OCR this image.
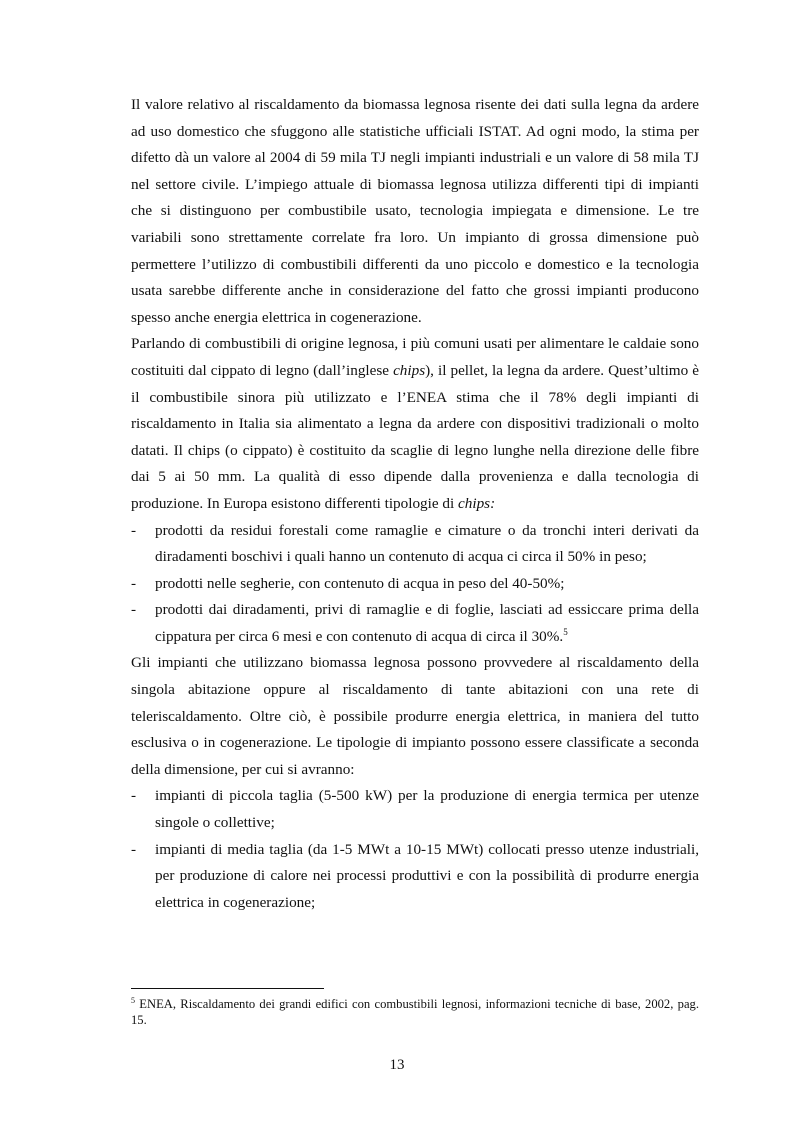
Il valore relativo al riscaldamento da biomassa legnosa risente dei dati sulla legna da ardere ad uso domestico che sfuggono alle statistiche ufficiali ISTAT. Ad ogni modo, la stima per difetto dà un valore al 2004 di 59 mila TJ negli impianti industriali e un valore di 58 mila TJ nel settore civile. L’impiego attuale di biomassa legnosa utilizza differenti tipi di impianti che si distinguono per combustibile usato, tecnologia impiegata e dimensione. Le tre variabili sono strettamente correlate fra loro. Un impianto di grossa dimensione può permettere l’utilizzo di combustibili differenti da uno piccolo e domestico e la tecnologia usata sarebbe differente anche in considerazione del fatto che grossi impianti producono spesso anche energia elettrica in cogenerazione.

Parlando di combustibili di origine legnosa, i più comuni usati per alimentare le caldaie sono costituiti dal cippato di legno (dall’inglese chips), il pellet, la legna da ardere. Quest’ultimo è il combustibile sinora più utilizzato e l’ENEA stima che il 78% degli impianti di riscaldamento in Italia sia alimentato a legna da ardere con dispositivi tradizionali o molto datati. Il chips (o cippato) è costituito da scaglie di legno lunghe nella direzione delle fibre dai 5 ai 50 mm. La qualità di esso dipende dalla provenienza e dalla tecnologia di produzione. In Europa esistono differenti tipologie di chips:

- prodotti da residui forestali come ramaglie e cimature o da tronchi interi derivati da diradamenti boschivi i quali hanno un contenuto di acqua ci circa il 50% in peso;
- prodotti nelle segherie, con contenuto di acqua in peso del 40-50%;
- prodotti dai diradamenti, privi di ramaglie e di foglie, lasciati ad essiccare prima della cippatura per circa 6 mesi e con contenuto di acqua di circa il 30%.$^5$

Gli impianti che utilizzano biomassa legnosa possono provvedere al riscaldamento della singola abitazione oppure al riscaldamento di tante abitazioni con una rete di teleriscaldamento. Oltre ciò, è possibile produrre energia elettrica, in maniera del tutto esclusiva o in cogenerazione. Le tipologie di impianto possono essere classificate a seconda della dimensione, per cui si avranno:

- impianti di piccola taglia (5-500 kW) per la produzione di energia termica per utenze singole o collettive;
- impianti di media taglia (da 1-5 MWt a 10-15 MWt) collocati presso utenze industriali, per produzione di calore nei processi produttivi e con la possibilità di produrre energia elettrica in cogenerazione;
$^5$ ENEA, Riscaldamento dei grandi edifici con combustibili legnosi, informazioni tecniche di base, 2002, pag. 15.
13
